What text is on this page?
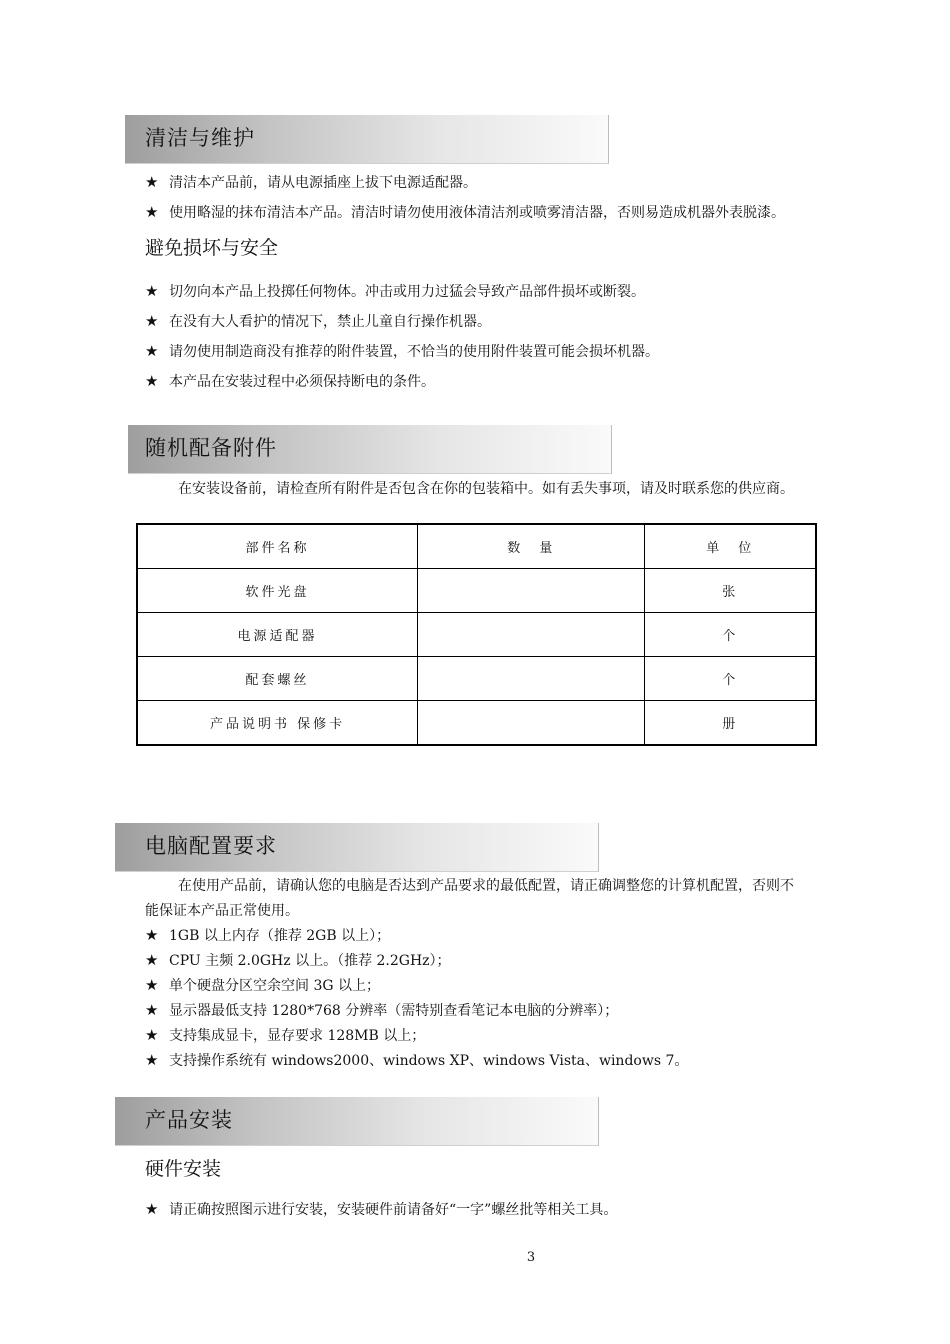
清洁与维护
★ 清洁本产品前，请从电源插座上拔下电源适配器。
★ 使用略湿的抹布清洁本产品。清洁时请勿使用液体清洁剂或喷雾清洁器，否则易造成机器外表脱漆。
避免损坏与安全
★ 切勿向本产品上投掷任何物体。冲击或用力过猛会导致产品部件损坏或断裂。
★ 在没有大人看护的情况下，禁止儿童自行操作机器。
★ 请勿使用制造商没有推荐的附件装置，不恰当的使用附件装置可能会损坏机器。
★ 本产品在安装过程中必须保持断电的条件。
随机配备附件
在安装设备前，请检查所有附件是否包含在你的包装箱中。如有丢失事项，请及时联系您的供应商。
部件名称	数　量	单　位
软件光盘		张
电源适配器		个
配套螺丝		个
产品说明书 保修卡		册
电脑配置要求
在使用产品前，请确认您的电脑是否达到产品要求的最低配置，请正确调整您的计算机配置，否则不
能保证本产品正常使用。
★ 1GB 以上内存（推荐 2GB 以上）；
★ CPU 主频 2.0GHz 以上。（推荐 2.2GHz）；
★ 单个硬盘分区空余空间 3G 以上；
★ 显示器最低支持 1280*768 分辨率（需特别查看笔记本电脑的分辨率）；
★ 支持集成显卡，显存要求 128MB 以上；
★ 支持操作系统有 windows2000、windows XP、windows Vista、windows 7。
产品安装
硬件安装
★ 请正确按照图示进行安装，安装硬件前请备好“一字”螺丝批等相关工具。
3
